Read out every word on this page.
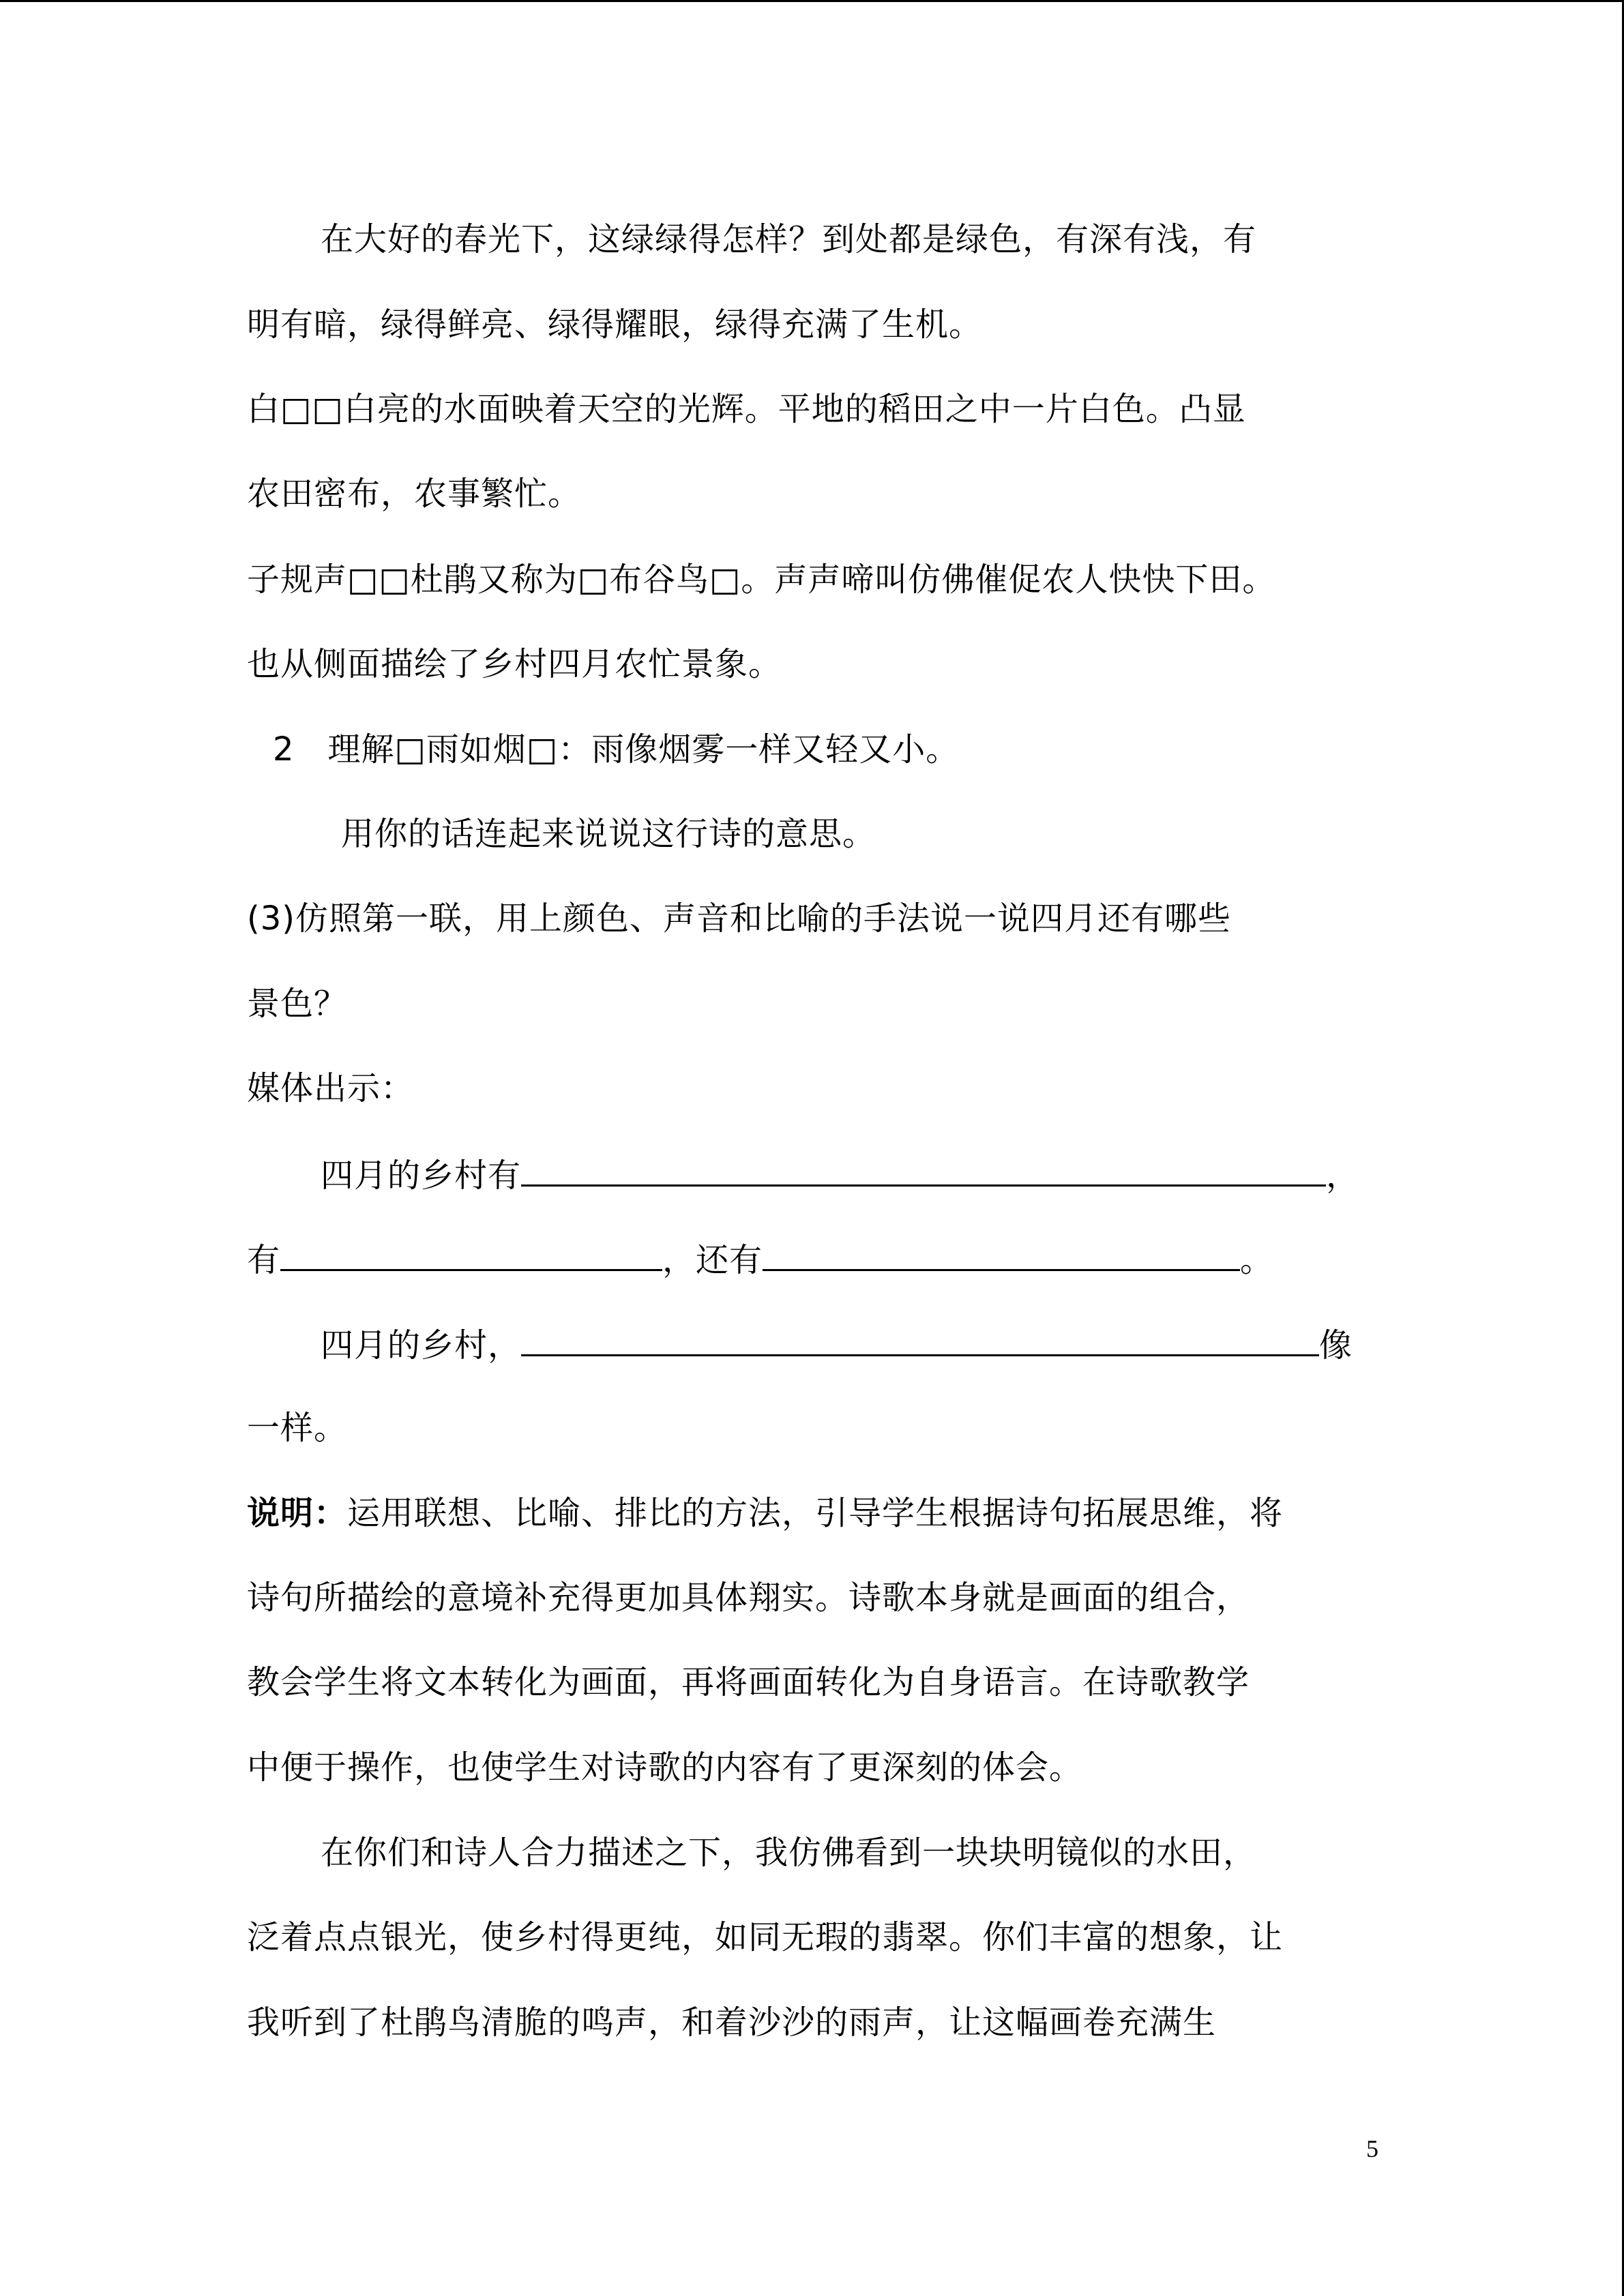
在大好的春光下，这绿绿得怎样？到处都是绿色，有深有浅，有
明有暗，绿得鲜亮、绿得耀眼，绿得充满了生机。
白□□白亮的水面映着天空的光辉。平地的稻田之中一片白色。凸显
农田密布，农事繁忙。
子规声□□杜鹃又称为□布谷鸟□。声声啼叫仿佛催促农人快快下田。
也从侧面描绘了乡村四月农忙景象。
2　理解□雨如烟□：雨像烟雾一样又轻又小。
用你的话连起来说说这行诗的意思。
(3)仿照第一联，用上颜色、声音和比喻的手法说一说四月还有哪些
景色？
媒体出示：
四月的乡村有	，
有	，还有	。
四月的乡村，	像
一样。
说明：运用联想、比喻、排比的方法，引导学生根据诗句拓展思维，将
诗句所描绘的意境补充得更加具体翔实。诗歌本身就是画面的组合，
教会学生将文本转化为画面，再将画面转化为自身语言。在诗歌教学
中便于操作，也使学生对诗歌的内容有了更深刻的体会。
在你们和诗人合力描述之下，我仿佛看到一块块明镜似的水田，
泛着点点银光，使乡村得更纯，如同无瑕的翡翠。你们丰富的想象，让
我听到了杜鹃鸟清脆的鸣声，和着沙沙的雨声，让这幅画卷充满生
5
